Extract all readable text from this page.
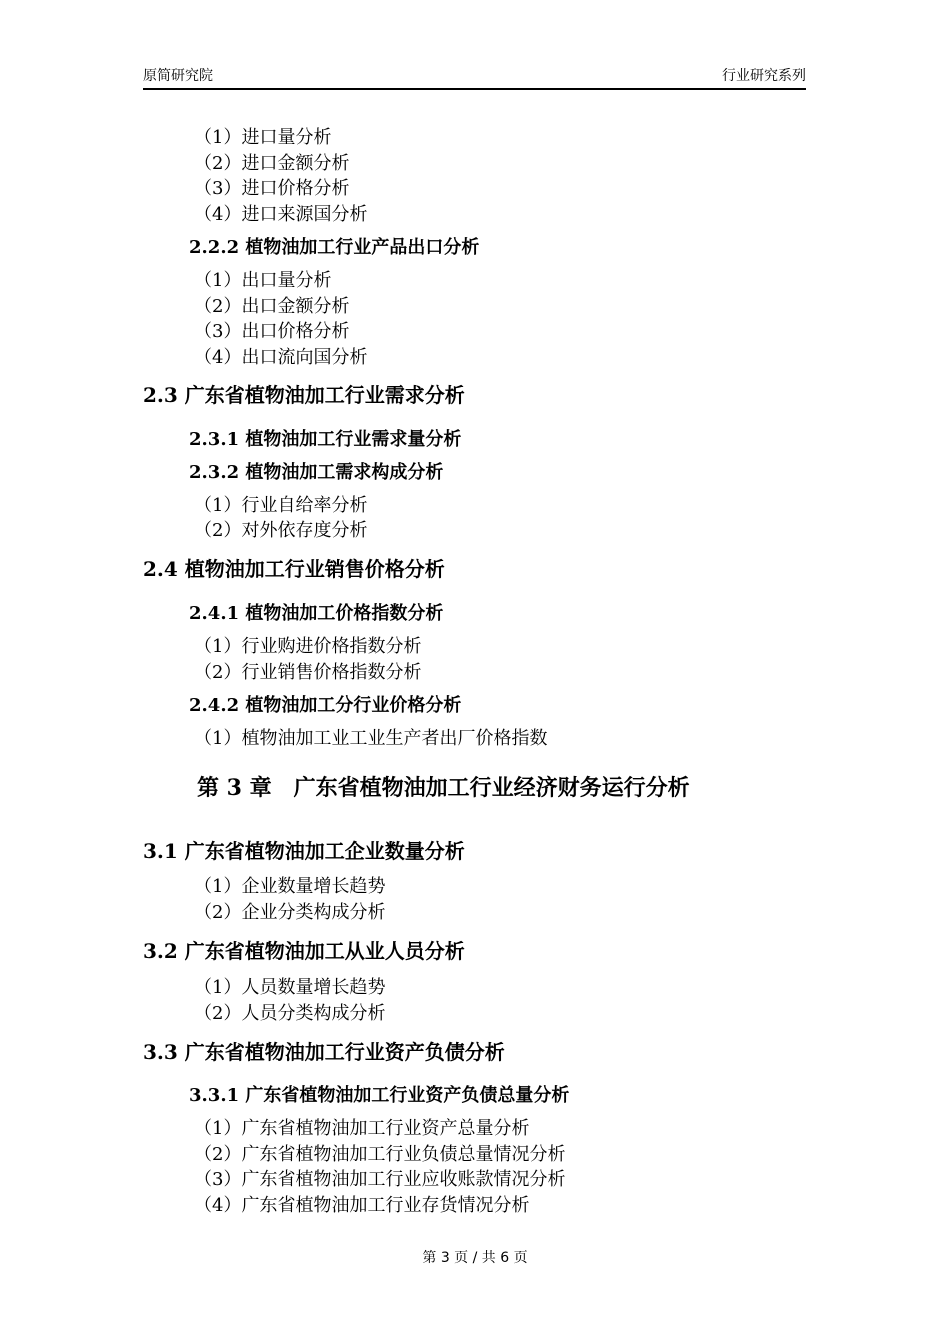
原简研究院	行业研究系列
（1）进口量分析
（2）进口金额分析
（3）进口价格分析
（4）进口来源国分析
2.2.2 植物油加工行业产品出口分析
（1）出口量分析
（2）出口金额分析
（3）出口价格分析
（4）出口流向国分析
2.3 广东省植物油加工行业需求分析
2.3.1 植物油加工行业需求量分析
2.3.2 植物油加工需求构成分析
（1）行业自给率分析
（2）对外依存度分析
2.4 植物油加工行业销售价格分析
2.4.1 植物油加工价格指数分析
（1）行业购进价格指数分析
（2）行业销售价格指数分析
2.4.2 植物油加工分行业价格分析
（1）植物油加工业工业生产者出厂价格指数
第 3 章　广东省植物油加工行业经济财务运行分析
3.1 广东省植物油加工企业数量分析
（1）企业数量增长趋势
（2）企业分类构成分析
3.2 广东省植物油加工从业人员分析
（1）人员数量增长趋势
（2）人员分类构成分析
3.3 广东省植物油加工行业资产负债分析
3.3.1 广东省植物油加工行业资产负债总量分析
（1）广东省植物油加工行业资产总量分析
（2）广东省植物油加工行业负债总量情况分析
（3）广东省植物油加工行业应收账款情况分析
（4）广东省植物油加工行业存货情况分析
第 3 页 / 共 6 页
